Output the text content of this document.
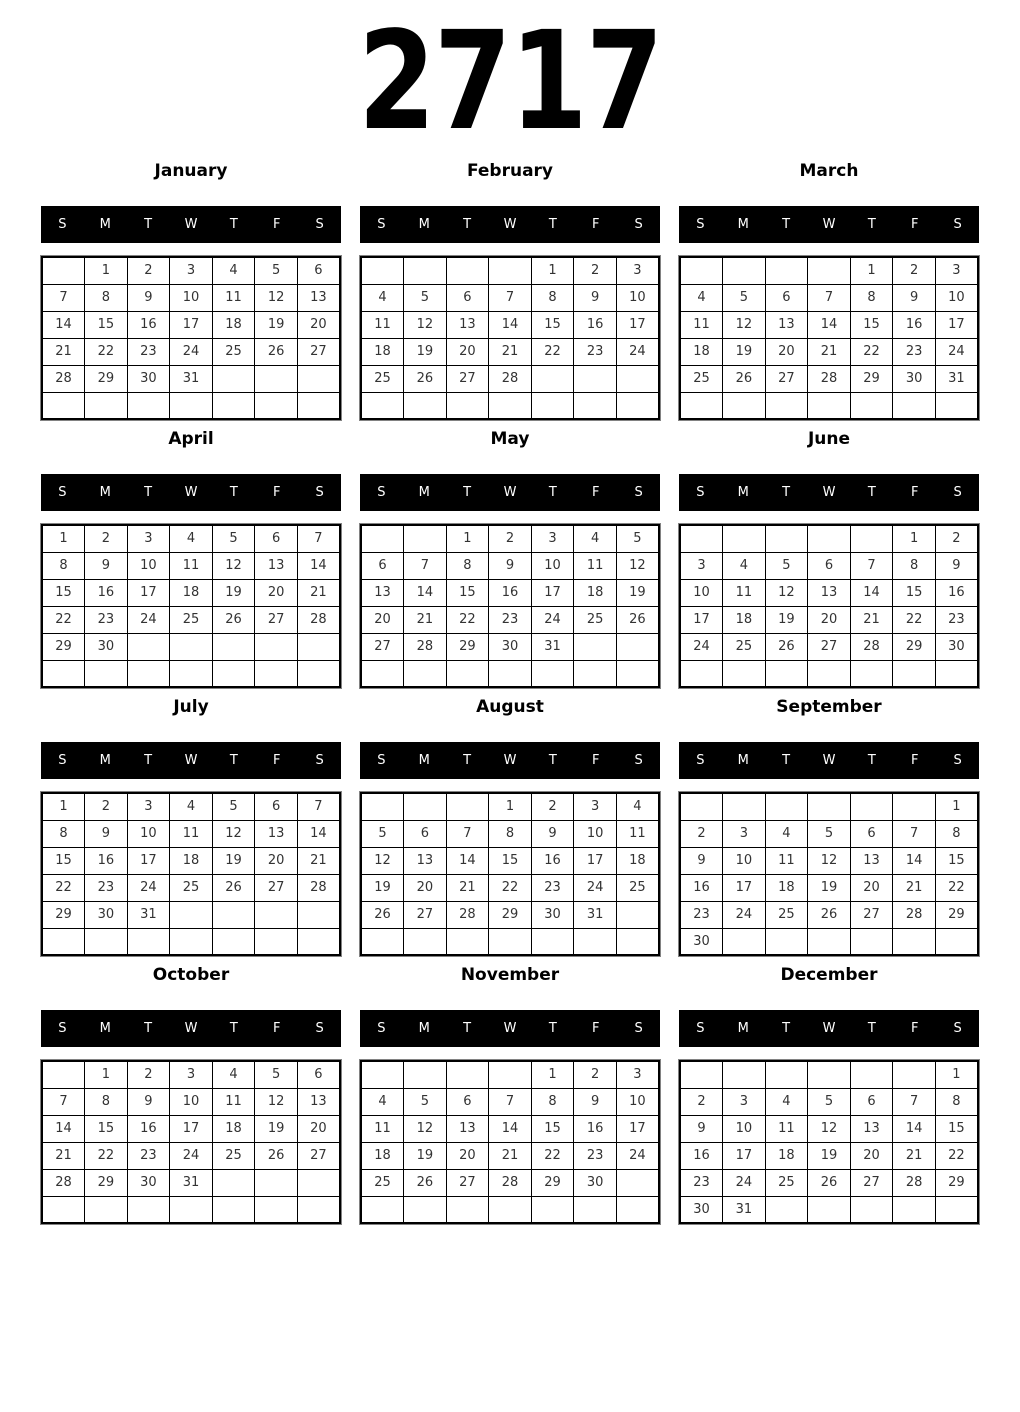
2717
January
S	M	T	W	T	F	S
	1	2	3	4	5	6
7	8	9	10	11	12	13
14	15	16	17	18	19	20
21	22	23	24	25	26	27
28	29	30	31			

February
S	M	T	W	T	F	S
				1	2	3
4	5	6	7	8	9	10
11	12	13	14	15	16	17
18	19	20	21	22	23	24
25	26	27	28			

March
S	M	T	W	T	F	S
				1	2	3
4	5	6	7	8	9	10
11	12	13	14	15	16	17
18	19	20	21	22	23	24
25	26	27	28	29	30	31

April
S	M	T	W	T	F	S
1	2	3	4	5	6	7
8	9	10	11	12	13	14
15	16	17	18	19	20	21
22	23	24	25	26	27	28
29	30					

May
S	M	T	W	T	F	S
		1	2	3	4	5
6	7	8	9	10	11	12
13	14	15	16	17	18	19
20	21	22	23	24	25	26
27	28	29	30	31		

June
S	M	T	W	T	F	S
					1	2
3	4	5	6	7	8	9
10	11	12	13	14	15	16
17	18	19	20	21	22	23
24	25	26	27	28	29	30

July
S	M	T	W	T	F	S
1	2	3	4	5	6	7
8	9	10	11	12	13	14
15	16	17	18	19	20	21
22	23	24	25	26	27	28
29	30	31				

August
S	M	T	W	T	F	S
			1	2	3	4
5	6	7	8	9	10	11
12	13	14	15	16	17	18
19	20	21	22	23	24	25
26	27	28	29	30	31	

September
S	M	T	W	T	F	S
						1
2	3	4	5	6	7	8
9	10	11	12	13	14	15
16	17	18	19	20	21	22
23	24	25	26	27	28	29
30						
October
S	M	T	W	T	F	S
	1	2	3	4	5	6
7	8	9	10	11	12	13
14	15	16	17	18	19	20
21	22	23	24	25	26	27
28	29	30	31			

November
S	M	T	W	T	F	S
				1	2	3
4	5	6	7	8	9	10
11	12	13	14	15	16	17
18	19	20	21	22	23	24
25	26	27	28	29	30	

December
S	M	T	W	T	F	S
						1
2	3	4	5	6	7	8
9	10	11	12	13	14	15
16	17	18	19	20	21	22
23	24	25	26	27	28	29
30	31					
